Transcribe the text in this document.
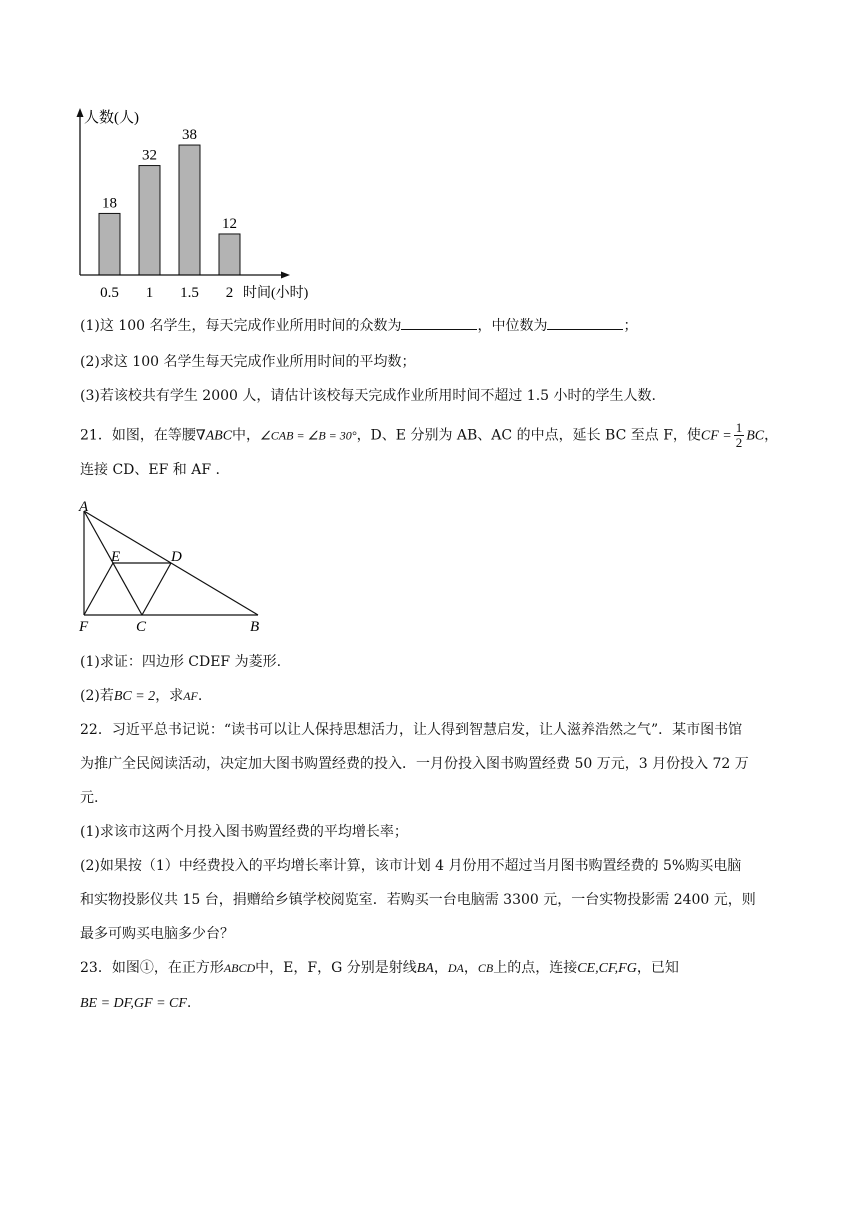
18
0.5
32
1
38
1.5
12
2
人数(人)
时间(小时)
(1)这 100 名学生，每天完成作业所用时间的众数为	，中位数为	；
(2)求这 100 名学生每天完成作业所用时间的平均数；
(3)若该校共有学生 2000 人，请估计该校每天完成作业所用时间不超过 1.5 小时的学生人数.
21．如图，在等腰∇ABC中，∠CAB = ∠B = 30°，D、E 分别为 AB、AC 的中点，延长 BC 至点 F，使CF = $\frac{1}{2}$ BC，
连接 CD、EF 和 AF .
A
E	D
F	C	B
(1)求证：四边形 CDEF 为菱形.
(2)若BC = 2，求AF.
22．习近平总书记说：“读书可以让人保持思想活力，让人得到智慧启发，让人滋养浩然之气”．某市图书馆
为推广全民阅读活动，决定加大图书购置经费的投入．一月份投入图书购置经费 50 万元，3 月份投入 72 万
元.
(1)求该市这两个月投入图书购置经费的平均增长率；
(2)如果按（1）中经费投入的平均增长率计算，该市计划 4 月份用不超过当月图书购置经费的 5%购买电脑
和实物投影仪共 15 台，捐赠给乡镇学校阅览室．若购买一台电脑需 3300 元，一台实物投影需 2400 元，则
最多可购买电脑多少台？
23．如图①，在正方形ABCD中，E，F，G 分别是射线BA，DA，CB上的点，连接CE,CF,FG，已知
BE = DF,GF = CF.
